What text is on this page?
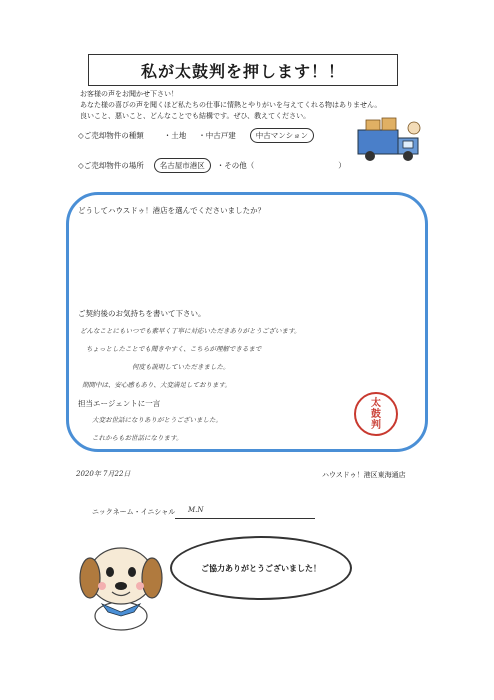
私が太鼓判を押します！！
お客様の声をお聞かせ下さい！
あなた様の喜びの声を聞くほど私たちの仕事に情熱とやりがいを与えてくれる物はありません。
良いこと、悪いこと、どんなことでも結構です。ぜひ、教えてください。
◇ご売却物件の種類	・土地 ・中古戸建	中古マンション
◇ご売却物件の場所	名古屋市港区	・その他（	）
どうしてハウスドゥ！港店を選んでくださいましたか？
ご契約後のお気持ちを書いて下さい。
どんなことにもいつでも素早く丁寧に対応いただきありがとうございます。
ちょっとしたことでも聞きやすく、こちらが理解できるまで
何度も説明していただきました。
期間中は、安心感もあり、大変満足しております。
担当エージェントに一言
大変お世話になりありがとうございました。
これからもお世話になります。
太
鼓
判
2020年 7月22日	ハウスドゥ！港区東海通店
ニックネーム・イニシャル M.N
ご協力ありがとうございました！
